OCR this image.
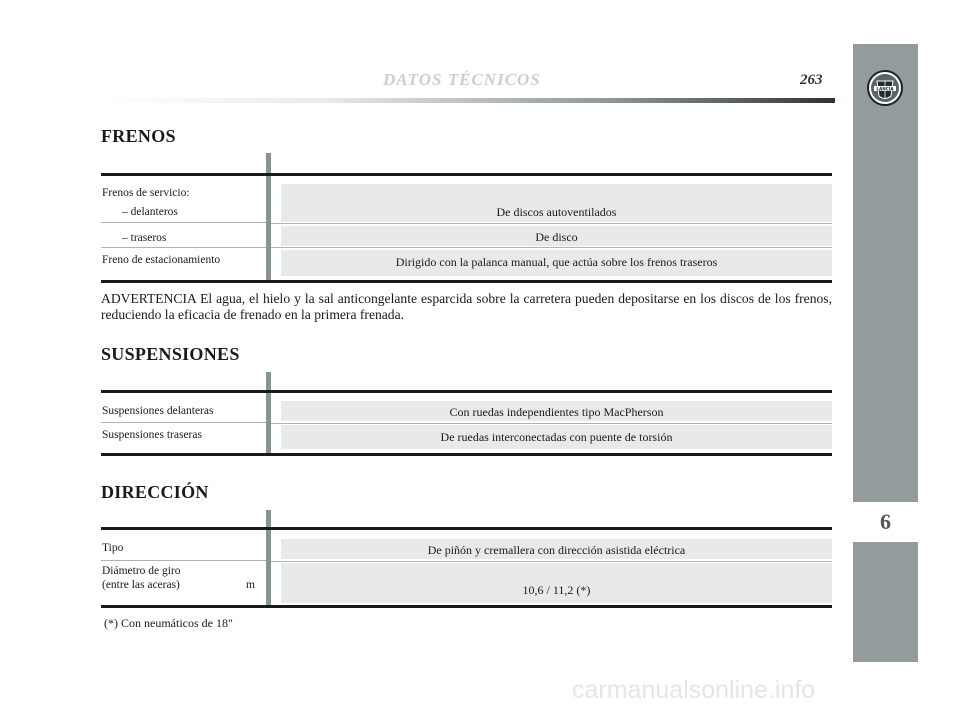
DATOS TÉCNICOS	263
LANCIA
6
FRENOS
Frenos de servicio:
– delanteros
– traseros
Freno de estacionamiento
De discos autoventilados
De disco
Dirigido con la palanca manual, que actúa sobre los frenos traseros
ADVERTENCIA El agua, el hielo y la sal anticongelante esparcida sobre la carretera pueden depositarse en los discos de los frenos, reduciendo la eficacia de frenado en la primera frenada.
SUSPENSIONES
Suspensiones delanteras
Suspensiones traseras
Con ruedas independientes tipo MacPherson
De ruedas interconectadas con puente de torsión
DIRECCIÓN
Tipo
Diámetro de giro
(entre las aceras)	m
De piñón y cremallera con dirección asistida eléctrica
10,6 / 11,2 (*)
(*) Con neumáticos de 18"
carmanualsonline.info
